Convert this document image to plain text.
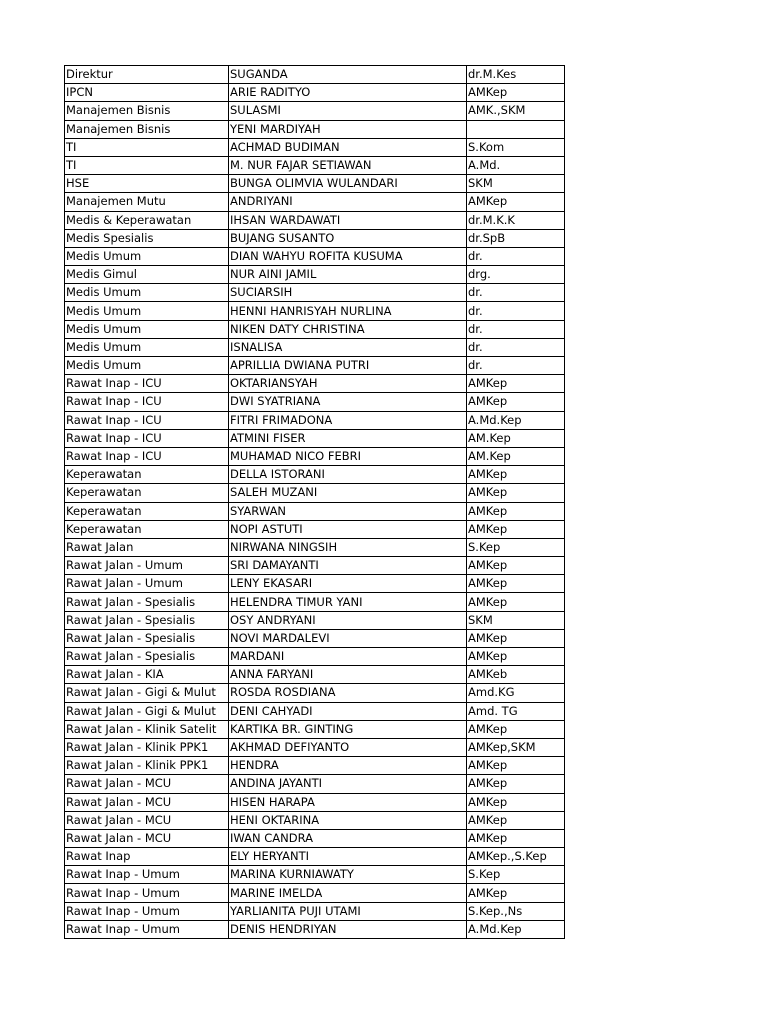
Direktur	SUGANDA	dr.M.Kes
IPCN	ARIE RADITYO	AMKep
Manajemen Bisnis	SULASMI	AMK.,SKM
Manajemen Bisnis	YENI MARDIYAH	
TI	ACHMAD BUDIMAN	S.Kom
TI	M. NUR FAJAR SETIAWAN	A.Md.
HSE	BUNGA OLIMVIA WULANDARI	SKM
Manajemen Mutu	ANDRIYANI	AMKep
Medis & Keperawatan	IHSAN WARDAWATI	dr.M.K.K
Medis Spesialis	BUJANG SUSANTO	dr.SpB
Medis Umum	DIAN WAHYU ROFITA KUSUMA	dr.
Medis Gimul	NUR AINI JAMIL	drg.
Medis Umum	SUCIARSIH	dr.
Medis Umum	HENNI HANRISYAH NURLINA	dr.
Medis Umum	NIKEN DATY CHRISTINA	dr.
Medis Umum	ISNALISA	dr.
Medis Umum	APRILLIA DWIANA PUTRI	dr.
Rawat Inap - ICU	OKTARIANSYAH	AMKep
Rawat Inap - ICU	DWI SYATRIANA	AMKep
Rawat Inap - ICU	FITRI FRIMADONA	A.Md.Kep
Rawat Inap - ICU	ATMINI FISER	AM.Kep
Rawat Inap - ICU	MUHAMAD NICO FEBRI	AM.Kep
Keperawatan	DELLA ISTORANI	AMKep
Keperawatan	SALEH MUZANI	AMKep
Keperawatan	SYARWAN	AMKep
Keperawatan	NOPI ASTUTI	AMKep
Rawat Jalan	NIRWANA NINGSIH	S.Kep
Rawat Jalan - Umum	SRI DAMAYANTI	AMKep
Rawat Jalan - Umum	LENY EKASARI	AMKep
Rawat Jalan - Spesialis	HELENDRA TIMUR YANI	AMKep
Rawat Jalan - Spesialis	OSY ANDRYANI	SKM
Rawat Jalan - Spesialis	NOVI MARDALEVI	AMKep
Rawat Jalan - Spesialis	MARDANI	AMKep
Rawat Jalan - KIA	ANNA FARYANI	AMKeb
Rawat Jalan - Gigi & Mulut	ROSDA ROSDIANA	Amd.KG
Rawat Jalan - Gigi & Mulut	DENI CAHYADI	Amd. TG
Rawat Jalan - Klinik Satelit	KARTIKA BR. GINTING	AMKep
Rawat Jalan - Klinik PPK1	AKHMAD DEFIYANTO	AMKep,SKM
Rawat Jalan - Klinik PPK1	HENDRA	AMKep
Rawat Jalan - MCU	ANDINA JAYANTI	AMKep
Rawat Jalan - MCU	HISEN HARAPA	AMKep
Rawat Jalan - MCU	HENI OKTARINA	AMKep
Rawat Jalan - MCU	IWAN CANDRA	AMKep
Rawat Inap	ELY HERYANTI	AMKep.,S.Kep
Rawat Inap - Umum	MARINA KURNIAWATY	S.Kep
Rawat Inap - Umum	MARINE IMELDA	AMKep
Rawat Inap - Umum	YARLIANITA PUJI UTAMI	S.Kep.,Ns
Rawat Inap - Umum	DENIS HENDRIYAN	A.Md.Kep
